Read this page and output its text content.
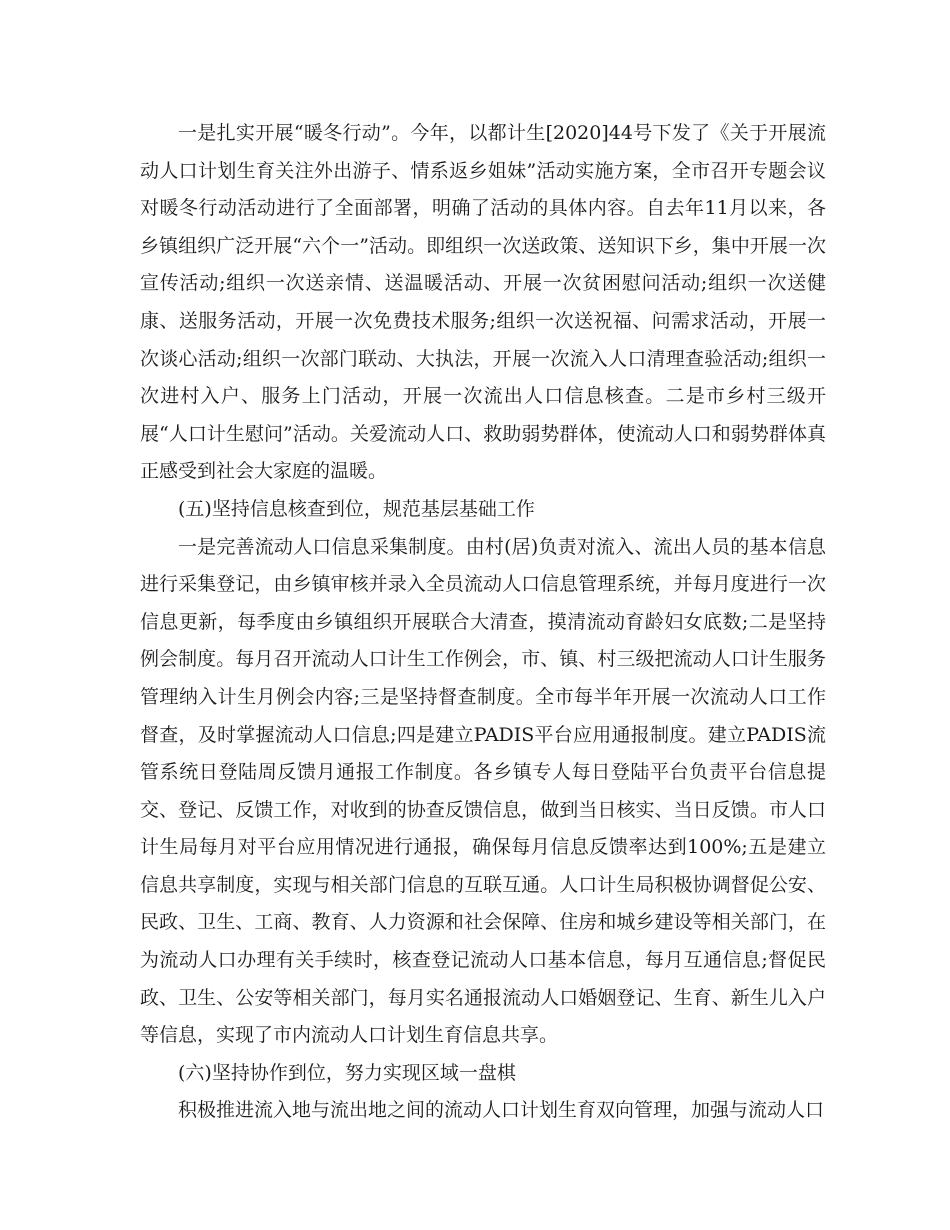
一是扎实开展“暖冬行动”。今年，以都计生[2020]44号下发了《关于开展流动人口计划生育关注外出游子、情系返乡姐妹”活动实施方案，全市召开专题会议对暖冬行动活动进行了全面部署，明确了活动的具体内容。自去年11月以来，各乡镇组织广泛开展“六个一”活动。即组织一次送政策、送知识下乡，集中开展一次宣传活动;组织一次送亲情、送温暖活动、开展一次贫困慰问活动;组织一次送健康、送服务活动，开展一次免费技术服务;组织一次送祝福、问需求活动，开展一次谈心活动;组织一次部门联动、大执法，开展一次流入人口清理查验活动;组织一次进村入户、服务上门活动，开展一次流出人口信息核查。二是市乡村三级开展“人口计生慰问”活动。关爱流动人口、救助弱势群体，使流动人口和弱势群体真正感受到社会大家庭的温暖。

(五)坚持信息核查到位，规范基层基础工作

一是完善流动人口信息采集制度。由村(居)负责对流入、流出人员的基本信息进行采集登记，由乡镇审核并录入全员流动人口信息管理系统，并每月度进行一次信息更新，每季度由乡镇组织开展联合大清查，摸清流动育龄妇女底数;二是坚持例会制度。每月召开流动人口计生工作例会，市、镇、村三级把流动人口计生服务管理纳入计生月例会内容;三是坚持督查制度。全市每半年开展一次流动人口工作督查，及时掌握流动人口信息;四是建立PADIS平台应用通报制度。建立PADIS流管系统日登陆周反馈月通报工作制度。各乡镇专人每日登陆平台负责平台信息提交、登记、反馈工作，对收到的协查反馈信息，做到当日核实、当日反馈。市人口计生局每月对平台应用情况进行通报，确保每月信息反馈率达到100%;五是建立信息共享制度，实现与相关部门信息的互联互通。人口计生局积极协调督促公安、民政、卫生、工商、教育、人力资源和社会保障、住房和城乡建设等相关部门，在为流动人口办理有关手续时，核查登记流动人口基本信息，每月互通信息;督促民政、卫生、公安等相关部门，每月实名通报流动人口婚姻登记、生育、新生儿入户等信息，实现了市内流动人口计划生育信息共享。

(六)坚持协作到位，努力实现区域一盘棋

积极推进流入地与流出地之间的流动人口计划生育双向管理，加强与流动人口
